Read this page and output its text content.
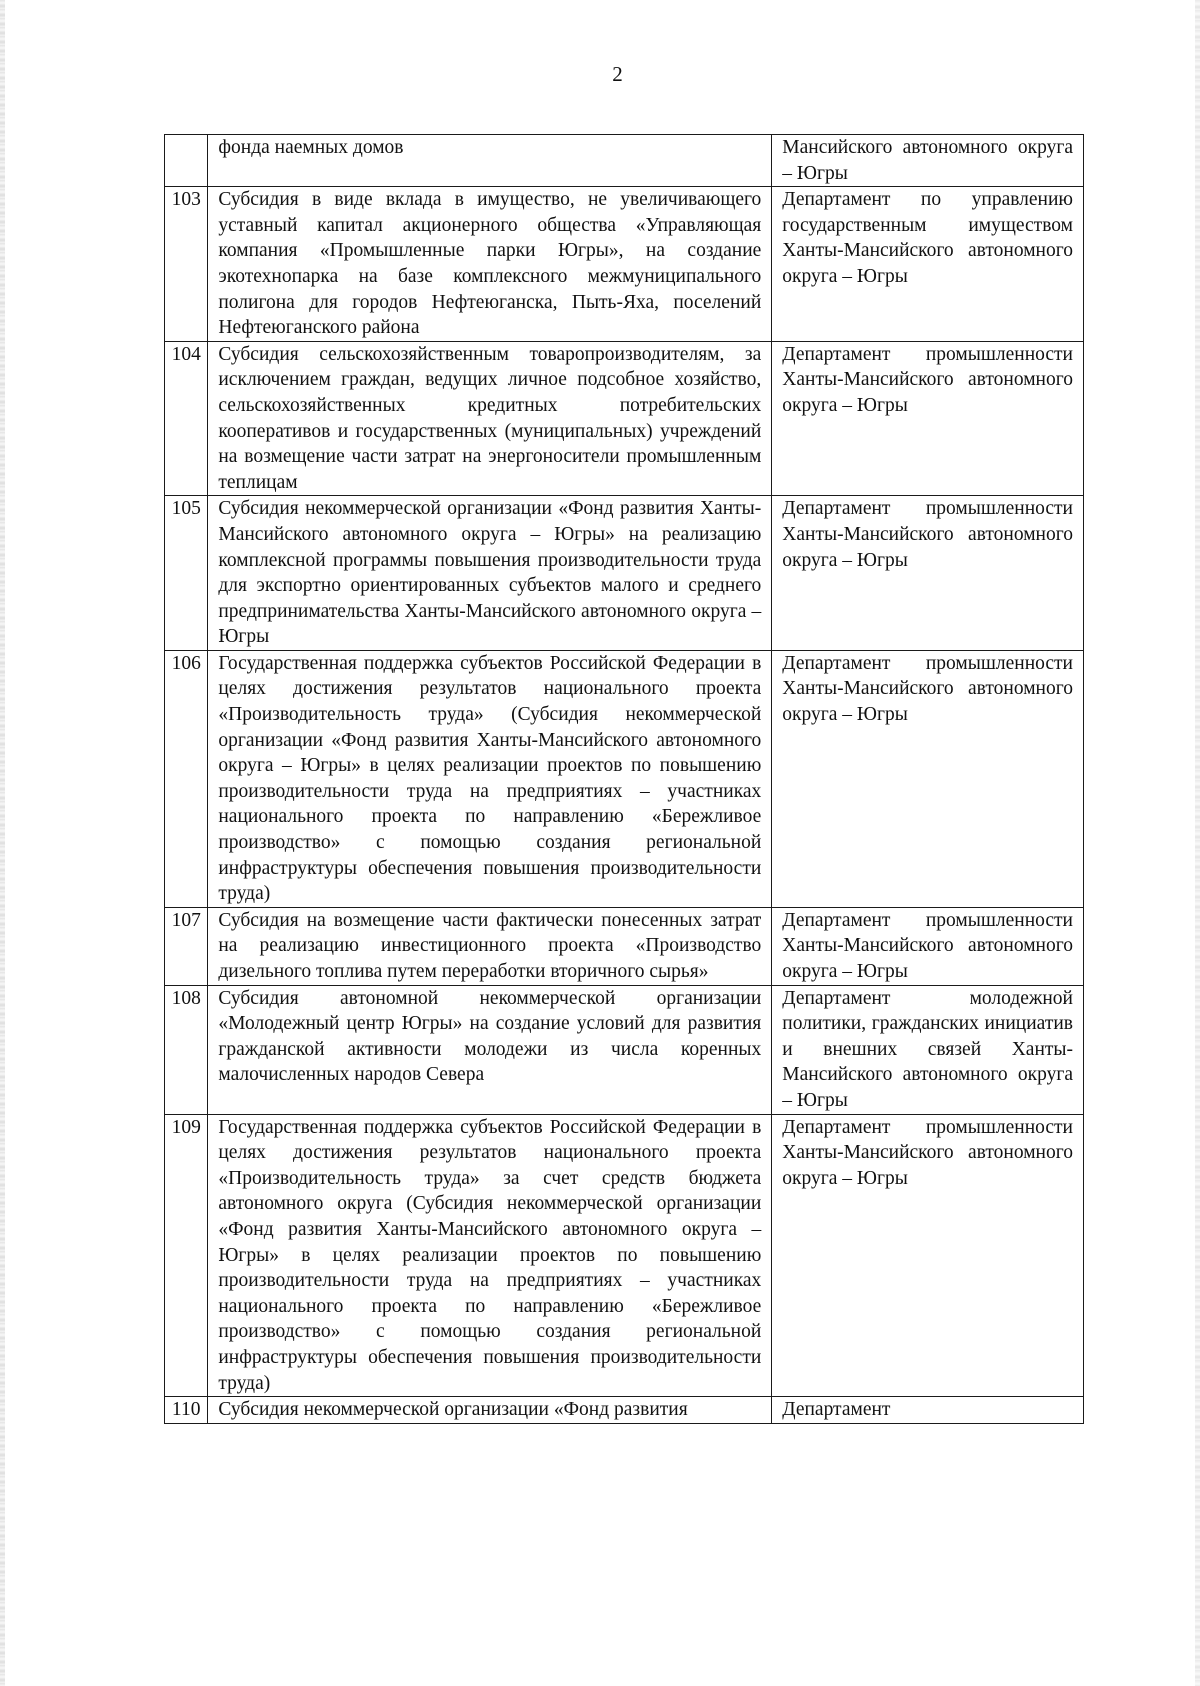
2
	фонда наемных домов	Мансийского автономного округа – Югры
103	Субсидия в виде вклада в имущество, не увеличивающего уставный капитал акционерного общества «Управляющая компания «Промышленные парки Югры», на создание экотехнопарка на базе комплексного межмуниципального полигона для городов Нефтеюганска, Пыть-Яха, поселений Нефтеюганского района	Департамент по управлению государственным имуществом Ханты-Мансийского автономного округа – Югры
104	Субсидия сельскохозяйственным товаропроизводителям, за исключением граждан, ведущих личное подсобное хозяйство, сельскохозяйственных кредитных потребительских кооперативов и государственных (муниципальных) учреждений на возмещение части затрат на энергоносители промышленным теплицам	Департамент промышленности Ханты-Мансийского автономного округа – Югры
105	Субсидия некоммерческой организации «Фонд развития Ханты-Мансийского автономного округа – Югры» на реализацию комплексной программы повышения производительности труда для экспортно ориентированных субъектов малого и среднего предпринимательства Ханты-Мансийского автономного округа – Югры	Департамент промышленности Ханты-Мансийского автономного округа – Югры
106	Государственная поддержка субъектов Российской Федерации в целях достижения результатов национального проекта «Производительность труда» (Субсидия некоммерческой организации «Фонд развития Ханты-Мансийского автономного округа – Югры» в целях реализации проектов по повышению производительности труда на предприятиях – участниках национального проекта по направлению «Бережливое производство» с помощью создания региональной инфраструктуры обеспечения повышения производительности труда)	Департамент промышленности Ханты-Мансийского автономного округа – Югры
107	Субсидия на возмещение части фактически понесенных затрат на реализацию инвестиционного проекта «Производство дизельного топлива путем переработки вторичного сырья»	Департамент промышленности Ханты-Мансийского автономного округа – Югры
108	Субсидия автономной некоммерческой организации «Молодежный центр Югры» на создание условий для развития гражданской активности молодежи из числа коренных малочисленных народов Севера	Департамент молодежной политики, гражданских инициатив и внешних связей Ханты-Мансийского автономного округа – Югры
109	Государственная поддержка субъектов Российской Федерации в целях достижения результатов национального проекта «Производительность труда» за счет средств бюджета автономного округа (Субсидия некоммерческой организации «Фонд развития Ханты-Мансийского автономного округа – Югры» в целях реализации проектов по повышению производительности труда на предприятиях – участниках национального проекта по направлению «Бережливое производство» с помощью создания региональной инфраструктуры обеспечения повышения производительности труда)	Департамент промышленности Ханты-Мансийского автономного округа – Югры
110	Субсидия некоммерческой организации «Фонд развития	Департамент
